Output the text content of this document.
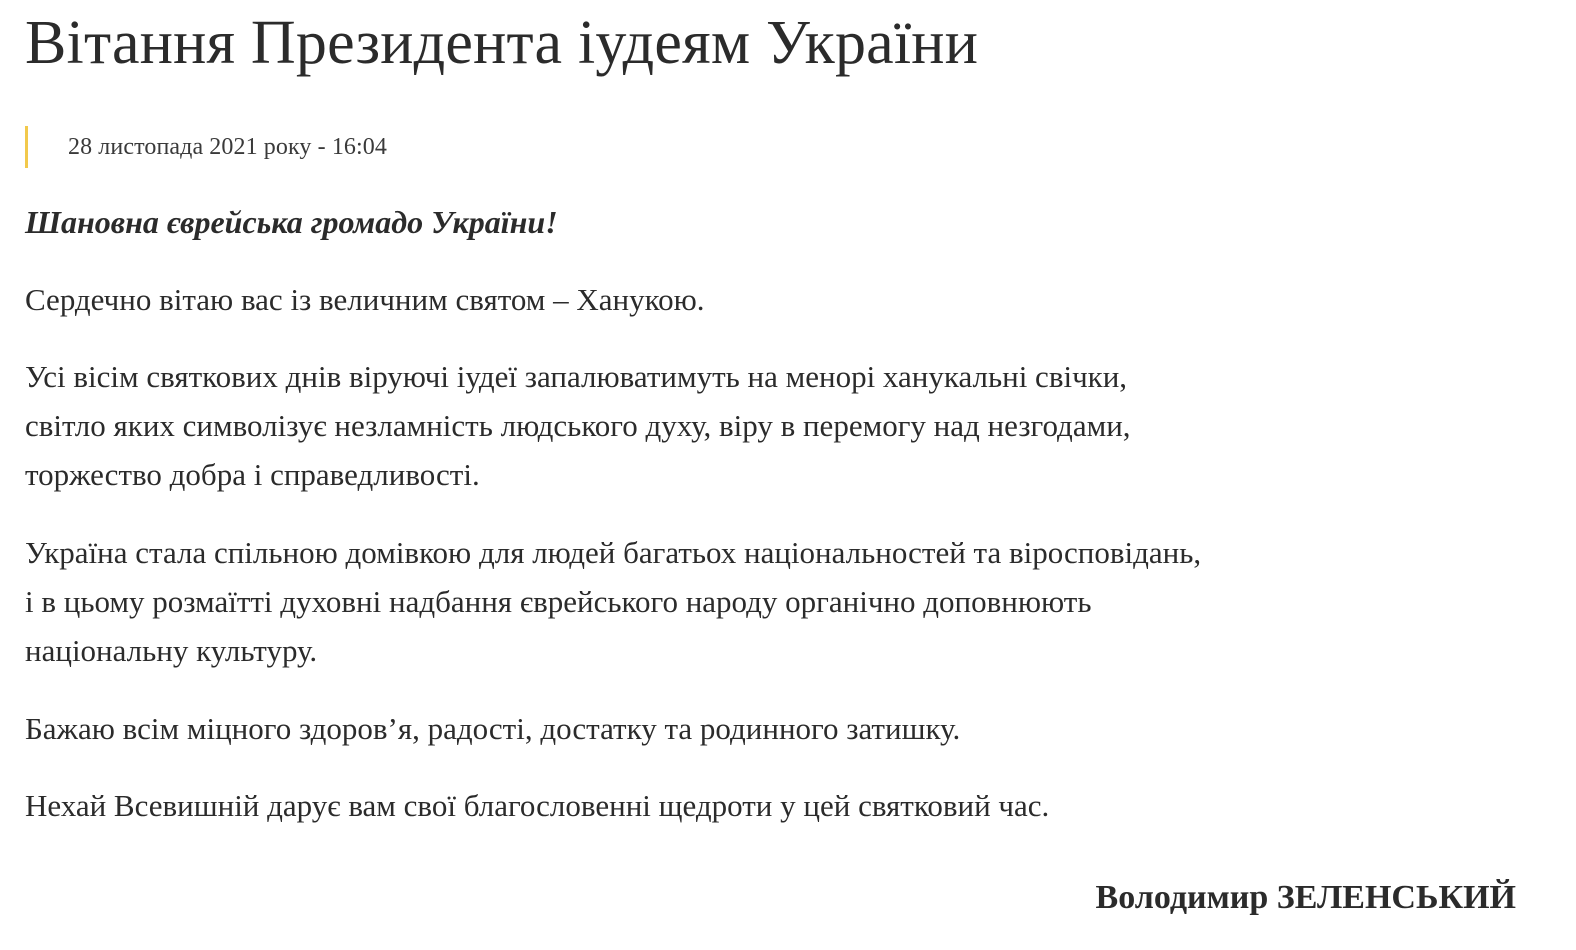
Вітання Президента іудеям України
28 листопада 2021 року - 16:04

Шановна єврейська громадо України!

Сердечно вітаю вас із величним святом – Ханукою.

Усі вісім святкових днів віруючі іудеї запалюватимуть на менорі ханукальні свічки,
світло яких символізує незламність людського духу, віру в перемогу над незгодами,
торжество добра і справедливості.

Україна стала спільною домівкою для людей багатьох національностей та віросповідань,
і в цьому розмаїтті духовні надбання єврейського народу органічно доповнюють
національну культуру.

Бажаю всім міцного здоров’я, радості, достатку та родинного затишку.

Нехай Всевишній дарує вам свої благословенні щедроти у цей святковий час.

Володимир ЗЕЛЕНСЬКИЙ
